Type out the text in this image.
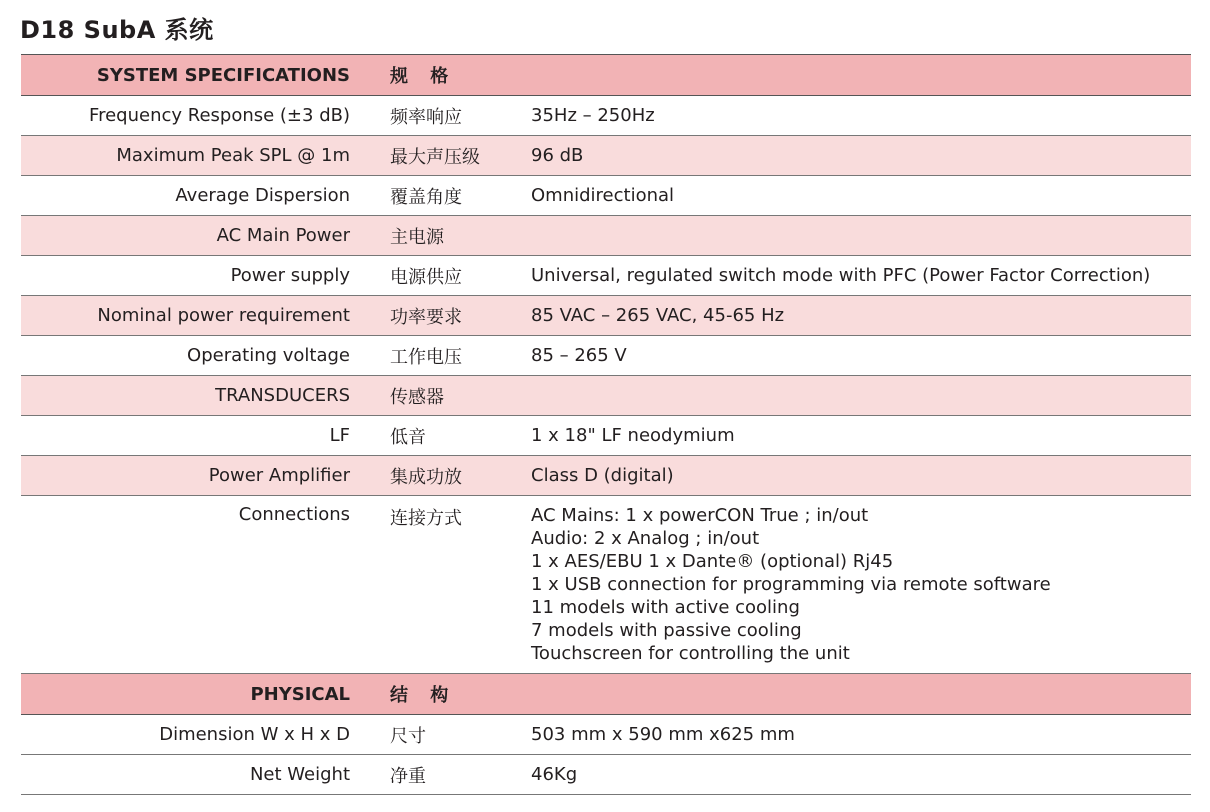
D18 SubA 系统
SYSTEM SPECIFICATIONS	规 格
Frequency Response (±3 dB)	频率响应	35Hz – 250Hz
Maximum Peak SPL @ 1m	最大声压级	96 dB
Average Dispersion	覆盖角度	Omnidirectional
AC Main Power	主电源
Power supply	电源供应	Universal, regulated switch mode with PFC (Power Factor Correction)
Nominal power requirement	功率要求	85 VAC – 265 VAC, 45-65 Hz
Operating voltage	工作电压	85 – 265 V
TRANSDUCERS	传感器
LF	低音	1 x 18" LF neodymium
Power Amplifier	集成功放	Class D (digital)
Connections	连接方式	AC Mains: 1 x powerCON True ; in/out
Audio: 2 x Analog ; in/out
1 x AES/EBU 1 x Dante® (optional) Rj45
1 x USB connection for programming via remote software
11 models with active cooling
7 models with passive cooling
Touchscreen for controlling the unit
PHYSICAL	结 构
Dimension W x H x D	尺寸	503 mm x 590 mm x625 mm
Net Weight	净重	46Kg
